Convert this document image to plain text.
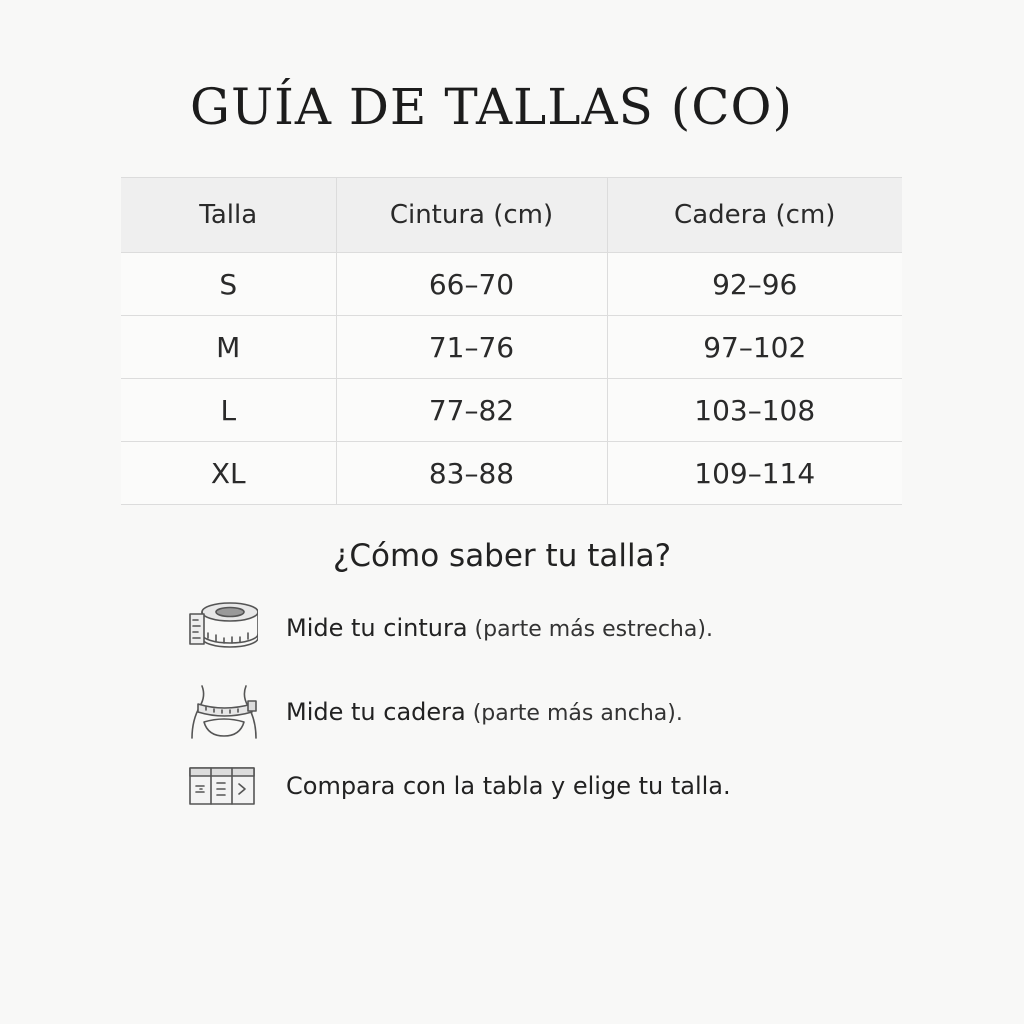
GUÍA DE TALLAS (CO)
Talla	Cintura (cm)	Cadera (cm)
S	66–70	92–96
M	71–76	97–102
L	77–82	103–108
XL	83–88	109–114
¿Cómo saber tu talla?
Mide tu cintura (parte más estrecha).
Mide tu cadera (parte más ancha).
Compara con la tabla y elige tu talla.
